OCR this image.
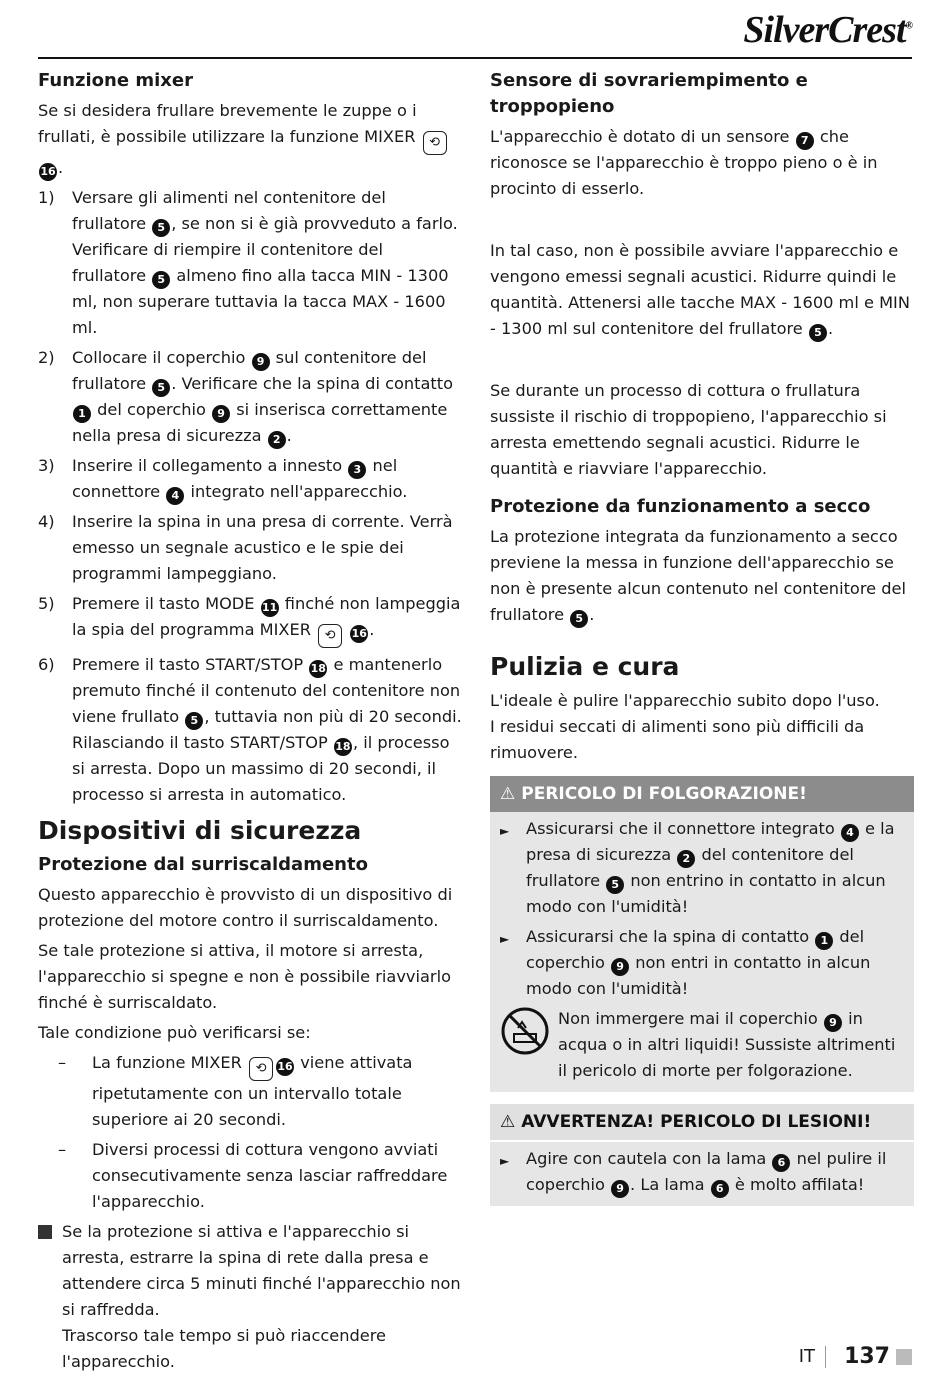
SilverCrest®
Funzione mixer

Se si desidera frullare brevemente le zuppe o i frullati, è possibile utilizzare la funzione MIXER ⟲16 .

1)	Versare gli alimenti nel contenitore del frullatore 5 , se non si è già provveduto a farlo. Verificare di riempire il contenitore del frullatore 5 almeno fino alla tacca MIN - 1300 ml, non superare tuttavia la tacca MAX - 1600 ml.
2)	Collocare il coperchio 9 sul contenitore del frullatore 5 . Verificare che la spina di contatto 1 del coperchio 9 si inserisca correttamente nella presa di sicurezza 2 .
3)	Inserire il collegamento a innesto 3 nel connettore 4 integrato nell'apparecchio.
4)	Inserire la spina in una presa di corrente. Verrà emesso un segnale acustico e le spie dei programmi lampeggiano.
5)	Premere il tasto MODE 11 finché non lampeggia la spia del programma MIXER ⟲ 16 .
6)	Premere il tasto START/STOP 18 e mantenerlo premuto finché il contenuto del contenitore non viene frullato 5 , tuttavia non più di 20 secondi. Rilasciando il tasto START/STOP 18 , il processo si arresta. Dopo un massimo di 20 secondi, il processo si arresta in automatico.
Dispositivi di sicurezza
Protezione dal surriscaldamento

Questo apparecchio è provvisto di un dispositivo di protezione del motore contro il surriscaldamento.

Se tale protezione si attiva, il motore si arresta, l'apparecchio si spegne e non è possibile riavviarlo finché è surriscaldato.

Tale condizione può verificarsi se:

–	La funzione MIXER ⟲ 16 viene attivata ripetutamente con un intervallo totale superiore ai 20 secondi.
–	Diversi processi di cottura vengono avviati consecutivamente senza lasciar raffreddare l'apparecchio.
Se la protezione si attiva e l'apparecchio si arresta, estrarre la spina di rete dalla presa e attendere circa 5 minuti finché l'apparecchio non si raffredda.
Trascorso tale tempo si può riaccendere l'apparecchio.
Sensore di sovrariempimento e troppopieno

L'apparecchio è dotato di un sensore 7 che riconosce se l'apparecchio è troppo pieno o è in procinto di esserlo.

In tal caso, non è possibile avviare l'apparecchio e vengono emessi segnali acustici. Ridurre quindi le quantità. Attenersi alle tacche MAX - 1600 ml e MIN - 1300 ml sul contenitore del frullatore 5 .

Se durante un processo di cottura o frullatura sussiste il rischio di troppopieno, l'apparecchio si arresta emettendo segnali acustici. Ridurre le quantità e riavviare l'apparecchio.

Protezione da funzionamento a secco

La protezione integrata da funzionamento a secco previene la messa in funzione dell'apparecchio se non è presente alcun contenuto nel contenitore del frullatore 5 .

Pulizia e cura

L'ideale è pulire l'apparecchio subito dopo l'uso.

I residui seccati di alimenti sono più difficili da rimuovere.

⚠ PERICOLO DI FOLGORAZIONE!
►	Assicurarsi che il connettore integrato 4 e la presa di sicurezza 2 del contenitore del frullatore 5 non entrino in contatto in alcun modo con l'umidità!
►	Assicurarsi che la spina di contatto 1 del coperchio 9 non entri in contatto in alcun modo con l'umidità!
Non immergere mai il coperchio 9 in acqua o in altri liquidi! Sussiste altrimenti il pericolo di morte per folgorazione.
⚠ AVVERTENZA! PERICOLO DI LESIONI!
►	Agire con cautela con la lama 6 nel pulire il coperchio 9 . La lama 6 è molto affilata!
IT 137
